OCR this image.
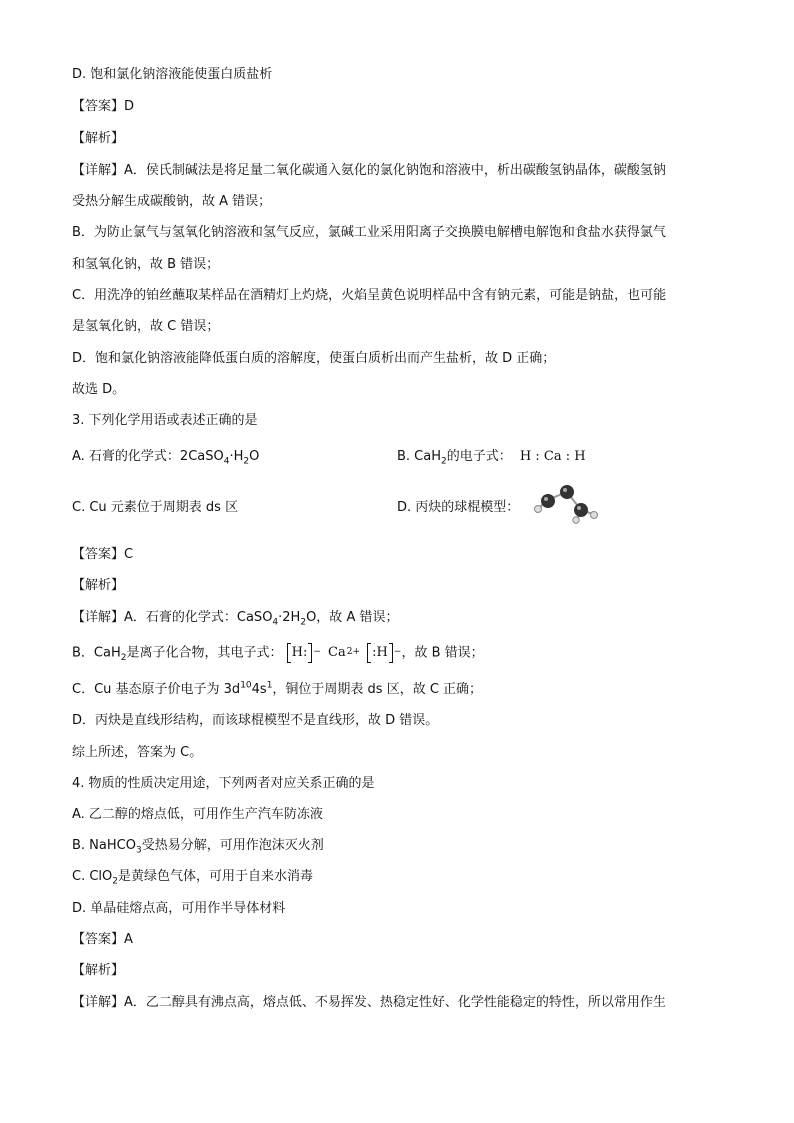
D. 饱和氯化钠溶液能使蛋白质盐析
【答案】D
【解析】
【详解】A．侯氏制碱法是将足量二氧化碳通入氨化的氯化钠饱和溶液中，析出碳酸氢钠晶体，碳酸氢钠
受热分解生成碳酸钠，故 A 错误；
B．为防止氯气与氢氧化钠溶液和氢气反应，氯碱工业采用阳离子交换膜电解槽电解饱和食盐水获得氯气
和氢氧化钠，故 B 错误；
C．用洗净的铂丝蘸取某样品在酒精灯上灼烧，火焰呈黄色说明样品中含有钠元素，可能是钠盐，也可能
是氢氧化钠，故 C 错误；
D．饱和氯化钠溶液能降低蛋白质的溶解度，使蛋白质析出而产生盐析，故 D 正确；
故选 D。
3. 下列化学用语或表述正确的是
A. 石膏的化学式：$2CaSO_4\cdot H_2O$	B. CaH$_2$的电子式： H : Ca : H
C. Cu 元素位于周期表 ds 区	D. 丙炔的球棍模型：
【答案】C
【解析】
【详解】A．石膏的化学式：$CaSO_4\cdot 2H_2O$，故 A 错误；
B．CaH$_2$是离子化合物，其电子式： H: − $Ca^{2+}$ :H −，故 B 错误；
C．Cu 基态原子价电子为 $3d^{10}4s^1$，铜位于周期表 ds 区，故 C 正确；
D．丙炔是直线形结构，而该球棍模型不是直线形，故 D 错误。
综上所述，答案为 C。
4. 物质的性质决定用途，下列两者对应关系正确的是
A. 乙二醇的熔点低，可用作生产汽车防冻液
B. NaHCO$_3$受热易分解，可用作泡沫灭火剂
C. ClO$_2$是黄绿色气体，可用于自来水消毒
D. 单晶硅熔点高，可用作半导体材料
【答案】A
【解析】
【详解】A．乙二醇具有沸点高，熔点低、不易挥发、热稳定性好、化学性能稳定的特性，所以常用作生
